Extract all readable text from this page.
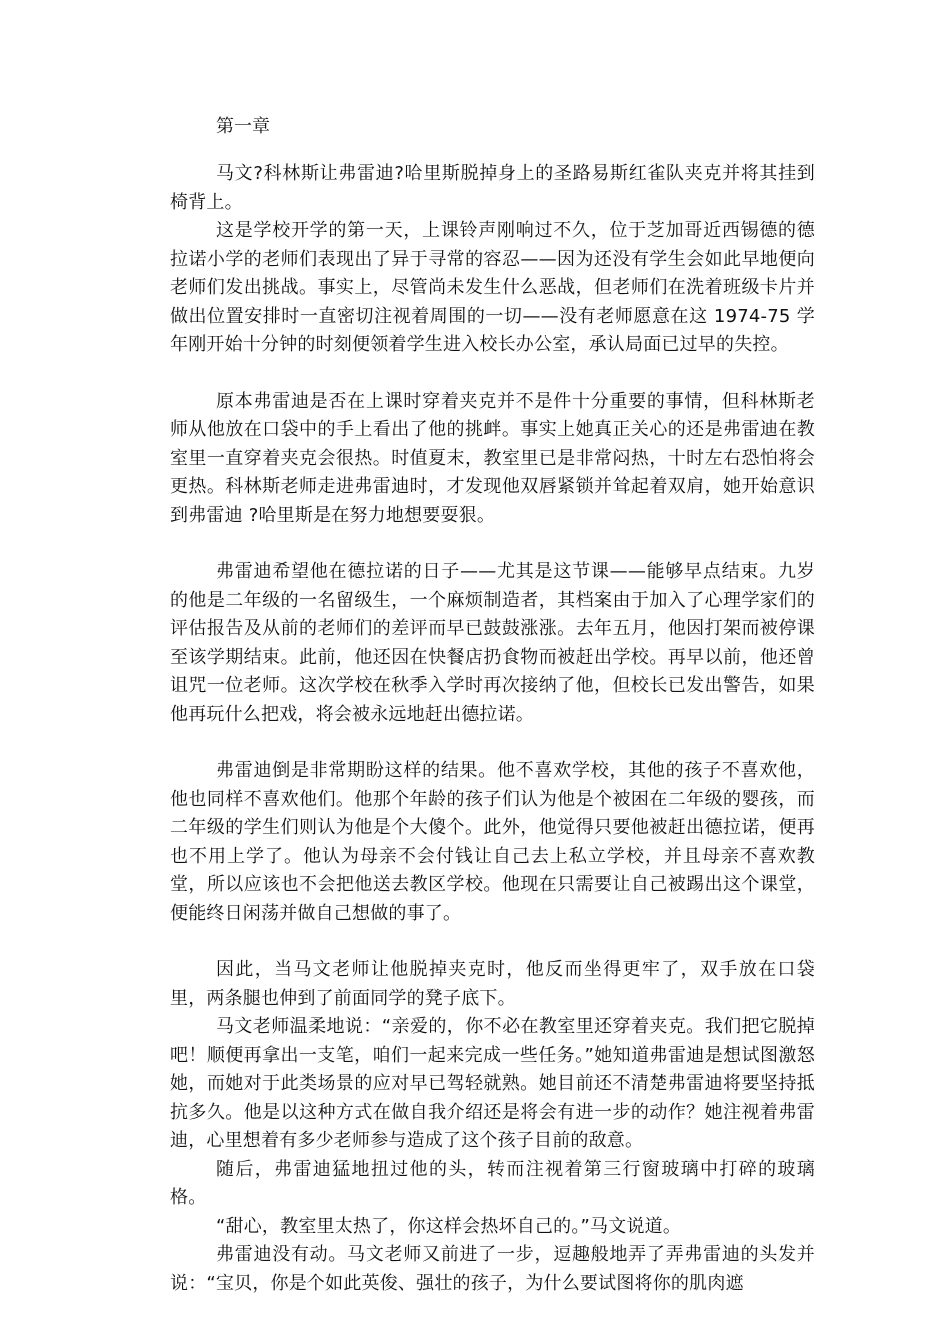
第一章

马文?科林斯让弗雷迪?哈里斯脱掉身上的圣路易斯红雀队夹克并将其挂到椅背上。

这是学校开学的第一天，上课铃声刚响过不久，位于芝加哥近西锡德的德拉诺小学的老师们表现出了异于寻常的容忍——因为还没有学生会如此早地便向老师们发出挑战。事实上，尽管尚未发生什么恶战，但老师们在洗着班级卡片并做出位置安排时一直密切注视着周围的一切——没有老师愿意在这 1974-75 学年刚开始十分钟的时刻便领着学生进入校长办公室，承认局面已过早的失控。

原本弗雷迪是否在上课时穿着夹克并不是件十分重要的事情，但科林斯老师从他放在口袋中的手上看出了他的挑衅。事实上她真正关心的还是弗雷迪在教室里一直穿着夹克会很热。时值夏末，教室里已是非常闷热，十时左右恐怕将会更热。科林斯老师走进弗雷迪时，才发现他双唇紧锁并耸起着双肩，她开始意识到弗雷迪 ?哈里斯是在努力地想要耍狠。

弗雷迪希望他在德拉诺的日子——尤其是这节课——能够早点结束。九岁的他是二年级的一名留级生，一个麻烦制造者，其档案由于加入了心理学家们的评估报告及从前的老师们的差评而早已鼓鼓涨涨。去年五月，他因打架而被停课至该学期结束。此前，他还因在快餐店扔食物而被赶出学校。再早以前，他还曾诅咒一位老师。这次学校在秋季入学时再次接纳了他，但校长已发出警告，如果他再玩什么把戏，将会被永远地赶出德拉诺。

弗雷迪倒是非常期盼这样的结果。他不喜欢学校，其他的孩子不喜欢他，他也同样不喜欢他们。他那个年龄的孩子们认为他是个被困在二年级的婴孩，而二年级的学生们则认为他是个大傻个。此外，他觉得只要他被赶出德拉诺，便再也不用上学了。他认为母亲不会付钱让自己去上私立学校，并且母亲不喜欢教堂，所以应该也不会把他送去教区学校。他现在只需要让自己被踢出这个课堂，便能终日闲荡并做自己想做的事了。

因此，当马文老师让他脱掉夹克时，他反而坐得更牢了，双手放在口袋里，两条腿也伸到了前面同学的凳子底下。

马文老师温柔地说：“亲爱的，你不必在教室里还穿着夹克。我们把它脱掉吧！顺便再拿出一支笔，咱们一起来完成一些任务。”她知道弗雷迪是想试图激怒她，而她对于此类场景的应对早已驾轻就熟。她目前还不清楚弗雷迪将要坚持抵抗多久。他是以这种方式在做自我介绍还是将会有进一步的动作？她注视着弗雷迪，心里想着有多少老师参与造成了这个孩子目前的敌意。

随后，弗雷迪猛地扭过他的头，转而注视着第三行窗玻璃中打碎的玻璃格。

“甜心，教室里太热了，你这样会热坏自己的。”马文说道。

弗雷迪没有动。马文老师又前进了一步，逗趣般地弄了弄弗雷迪的头发并说：“宝贝，你是个如此英俊、强壮的孩子，为什么要试图将你的肌肉遮
